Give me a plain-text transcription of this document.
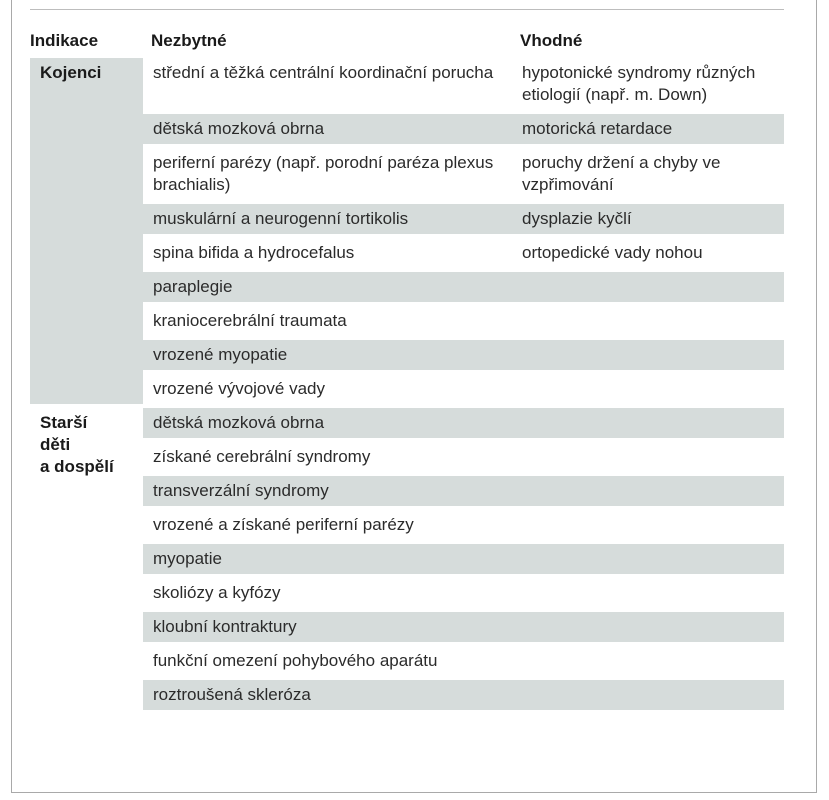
Indikace	Nezbytné	Vhodné

Kojenci	střední a těžká centrální koordinační porucha	hypotonické syndromy různých etiologií (např. m. Down)
	dětská mozková obrna	motorická retardace
	periferní parézy (např. porodní paréza plexus brachialis)	poruchy držení a chyby ve vzpřimování
	muskulární a neurogenní tortikolis	dysplazie kyčlí
	spina bifida a hydrocefalus	ortopedické vady nohou
	paraplegie	
	kraniocerebrální traumata	
	vrozené myopatie	
	vrozené vývojové vady	

Starší
děti
a dospělí	dětská mozková obrna	
	získané cerebrální syndromy	
	transverzální syndromy	
	vrozené a získané periferní parézy	
	myopatie	
	skoliózy a kyfózy	
	kloubní kontraktury	
	funkční omezení pohybového aparátu	
	roztroušená skleróza	
